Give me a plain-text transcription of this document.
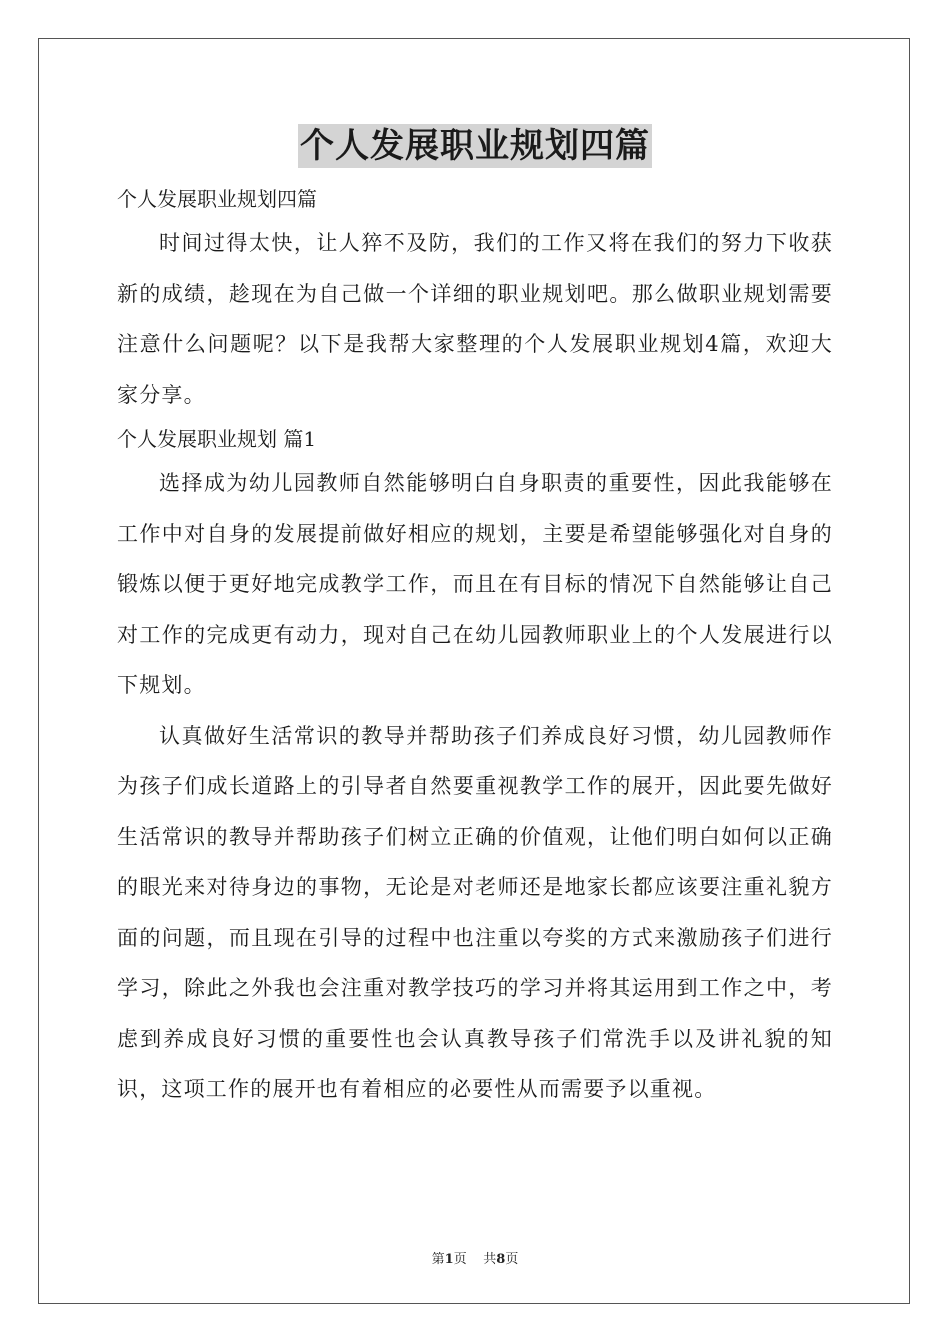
个人发展职业规划四篇

个人发展职业规划四篇

时间过得太快，让人猝不及防，我们的工作又将在我们的努力下收获新的成绩，趁现在为自己做一个详细的职业规划吧。那么做职业规划需要注意什么问题呢？以下是我帮大家整理的个人发展职业规划4篇，欢迎大家分享。

个人发展职业规划 篇1

选择成为幼儿园教师自然能够明白自身职责的重要性，因此我能够在工作中对自身的发展提前做好相应的规划，主要是希望能够强化对自身的锻炼以便于更好地完成教学工作，而且在有目标的情况下自然能够让自己对工作的完成更有动力，现对自己在幼儿园教师职业上的个人发展进行以下规划。

认真做好生活常识的教导并帮助孩子们养成良好习惯，幼儿园教师作为孩子们成长道路上的引导者自然要重视教学工作的展开，因此要先做好生活常识的教导并帮助孩子们树立正确的价值观，让他们明白如何以正确的眼光来对待身边的事物，无论是对老师还是地家长都应该要注重礼貌方面的问题，而且现在引导的过程中也注重以夸奖的方式来激励孩子们进行学习，除此之外我也会注重对教学技巧的学习并将其运用到工作之中，考虑到养成良好习惯的重要性也会认真教导孩子们常洗手以及讲礼貌的知识，这项工作的展开也有着相应的必要性从而需要予以重视。

第1页 共8页
